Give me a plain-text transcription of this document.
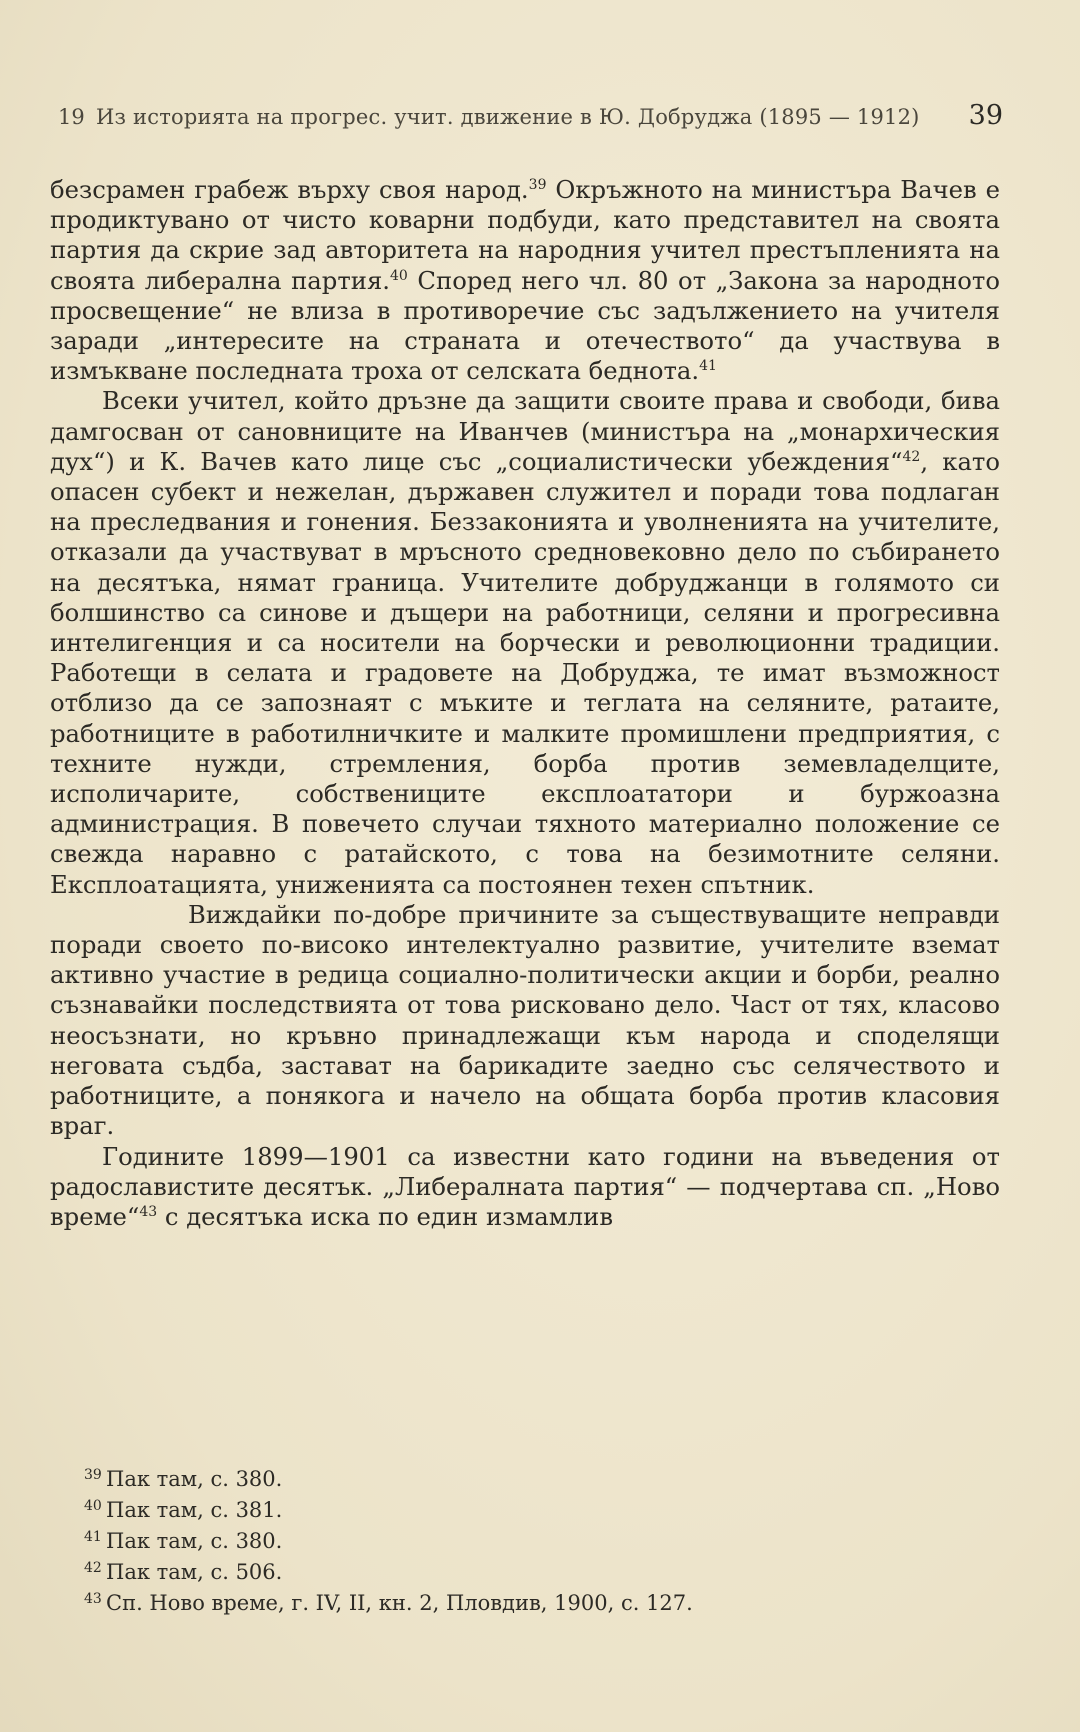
19 Из историята на прогрес. учит. движение в Ю. Добруджа (1895 — 1912)	39

безсрамен грабеж върху своя народ.$^{39}$ Окръжното на министъра Вачев е продиктувано от чисто коварни подбуди, като представител на своята партия да скрие зад авторитета на народния учител престъпленията на своята либерална партия.$^{40}$ Според него чл. 80 от „Закона за народното просвещение“ не влиза в противоречие със задължението на учителя заради „интересите на страната и отечеството“ да участвува в измъкване последната троха от селската беднота.$^{41}$

Всеки учител, който дръзне да защити своите права и свободи, бива дамгосван от сановниците на Иванчев (министъра на „монархическия дух“) и К. Вачев като лице със „социалистически убеждения“$^{42}$, като опасен субект и нежелан, държавен служител и поради това подлаган на преследвания и гонения. Беззаконията и уволненията на учителите, отказали да участвуват в мръсното средновековно дело по събирането на десятъка, нямат граница. Учителите добруджанци в голямото си болшинство са синове и дъщери на работници, селяни и прогресивна интелигенция и са носители на борчески и революционни традиции. Работещи в селата и градовете на Добруджа, те имат възможност отблизо да се запознаят с мъките и теглата на селяните, ратаите, работниците в работилничките и малките промишлени предприятия, с техните нужди, стремления, борба против земевладелците, исполичарите, собствениците експлоататори и буржоазна администрация. В повечето случаи тяхното материално положение се свежда наравно с ратайското, с това на безимотните селяни. Експлоатацията, униженията са постоянен техен спътник.

Виждайки по-добре причините за съществуващите неправди поради своето по-високо интелектуално развитие, учителите вземат активно участие в редица социално-политически акции и борби, реално съзнавайки последствията от това рисковано дело. Част от тях, класово неосъзнати, но кръвно принадлежащи към народа и споделящи неговата съдба, застават на барикадите заедно със селячеството и работниците, а понякога и начело на общата борба против класовия враг.

Годините 1899—1901 са известни като години на въведения от радославистите десятък. „Либералната партия“ — подчертава сп. „Ново време“$^{43}$ с десятъка иска по един измамлив

39 Пак там, с. 380.
40 Пак там, с. 381.
41 Пак там, с. 380.
42 Пак там, с. 506.
43 Сп. Ново време, г. IV, II, кн. 2, Пловдив, 1900, с. 127.
